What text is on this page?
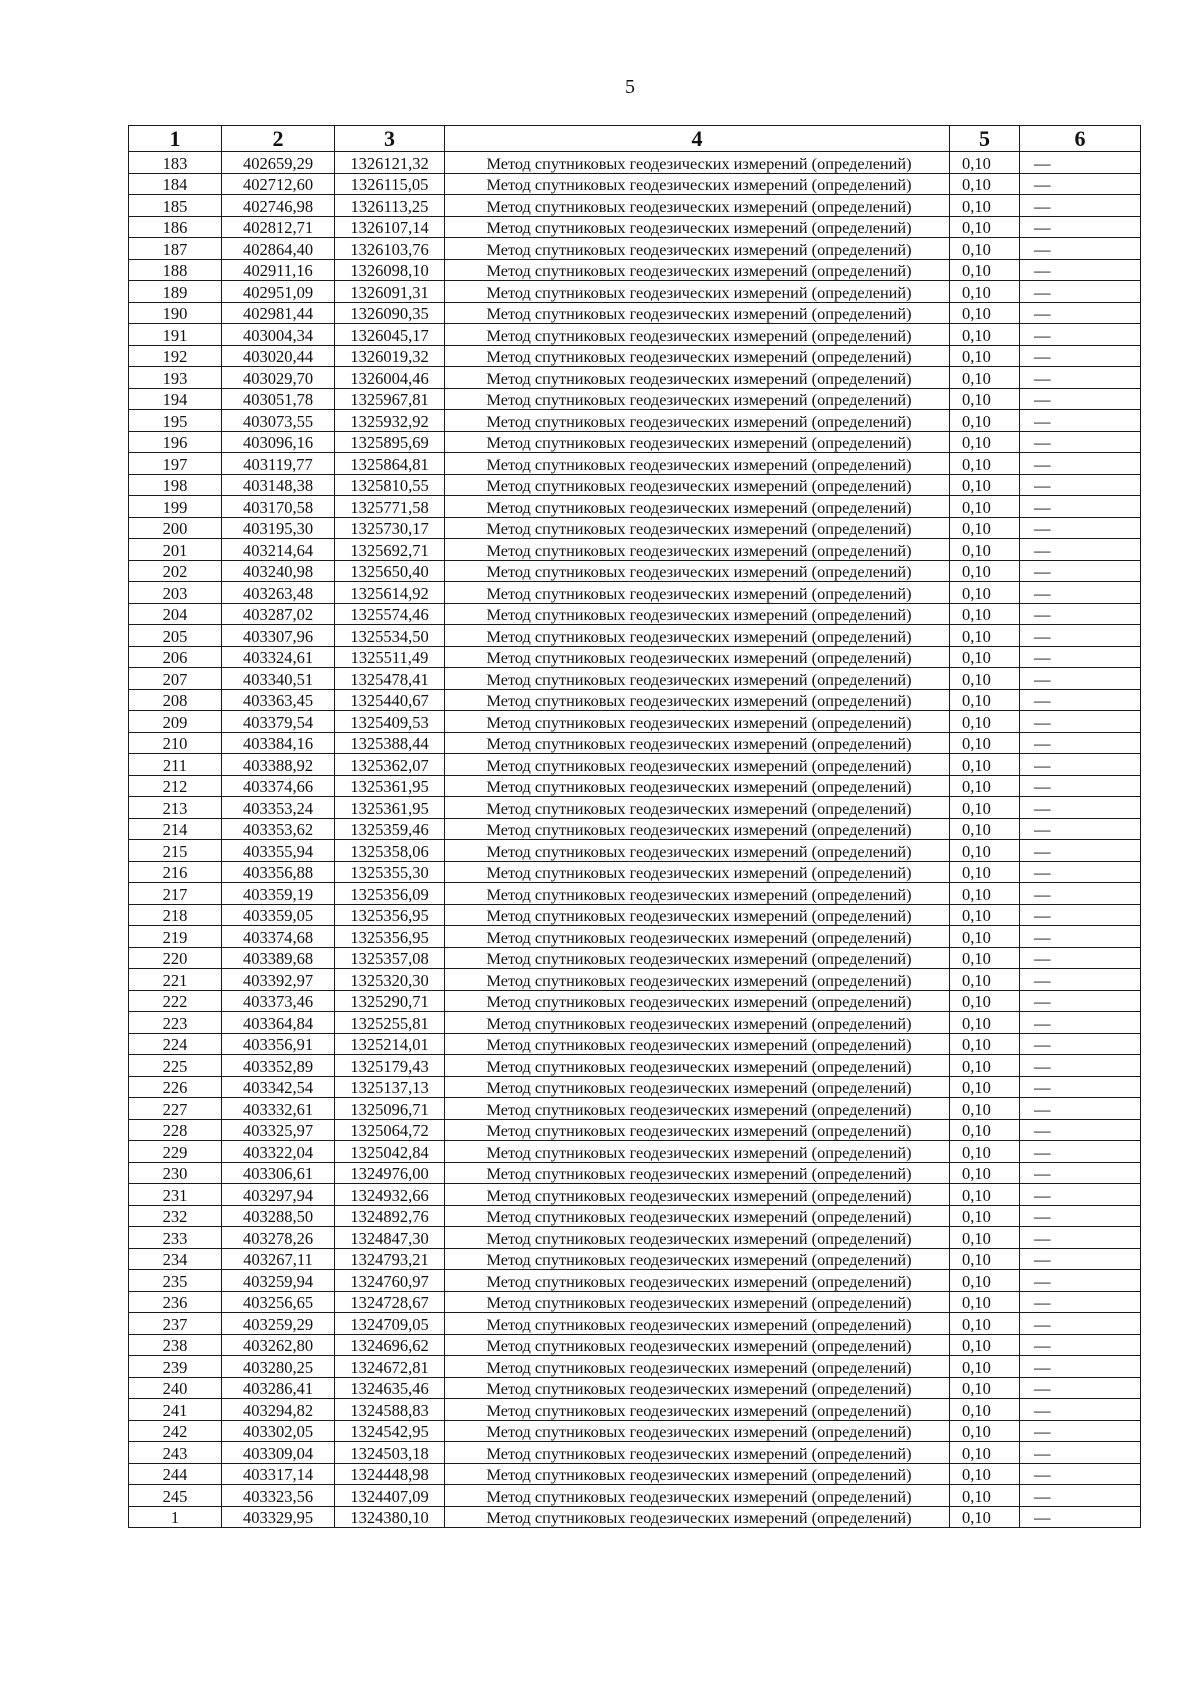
5
1	2	3	4	5	6
183	402659,29	1326121,32	Метод спутниковых геодезических измерений (определений)	0,10	—
184	402712,60	1326115,05	Метод спутниковых геодезических измерений (определений)	0,10	—
185	402746,98	1326113,25	Метод спутниковых геодезических измерений (определений)	0,10	—
186	402812,71	1326107,14	Метод спутниковых геодезических измерений (определений)	0,10	—
187	402864,40	1326103,76	Метод спутниковых геодезических измерений (определений)	0,10	—
188	402911,16	1326098,10	Метод спутниковых геодезических измерений (определений)	0,10	—
189	402951,09	1326091,31	Метод спутниковых геодезических измерений (определений)	0,10	—
190	402981,44	1326090,35	Метод спутниковых геодезических измерений (определений)	0,10	—
191	403004,34	1326045,17	Метод спутниковых геодезических измерений (определений)	0,10	—
192	403020,44	1326019,32	Метод спутниковых геодезических измерений (определений)	0,10	—
193	403029,70	1326004,46	Метод спутниковых геодезических измерений (определений)	0,10	—
194	403051,78	1325967,81	Метод спутниковых геодезических измерений (определений)	0,10	—
195	403073,55	1325932,92	Метод спутниковых геодезических измерений (определений)	0,10	—
196	403096,16	1325895,69	Метод спутниковых геодезических измерений (определений)	0,10	—
197	403119,77	1325864,81	Метод спутниковых геодезических измерений (определений)	0,10	—
198	403148,38	1325810,55	Метод спутниковых геодезических измерений (определений)	0,10	—
199	403170,58	1325771,58	Метод спутниковых геодезических измерений (определений)	0,10	—
200	403195,30	1325730,17	Метод спутниковых геодезических измерений (определений)	0,10	—
201	403214,64	1325692,71	Метод спутниковых геодезических измерений (определений)	0,10	—
202	403240,98	1325650,40	Метод спутниковых геодезических измерений (определений)	0,10	—
203	403263,48	1325614,92	Метод спутниковых геодезических измерений (определений)	0,10	—
204	403287,02	1325574,46	Метод спутниковых геодезических измерений (определений)	0,10	—
205	403307,96	1325534,50	Метод спутниковых геодезических измерений (определений)	0,10	—
206	403324,61	1325511,49	Метод спутниковых геодезических измерений (определений)	0,10	—
207	403340,51	1325478,41	Метод спутниковых геодезических измерений (определений)	0,10	—
208	403363,45	1325440,67	Метод спутниковых геодезических измерений (определений)	0,10	—
209	403379,54	1325409,53	Метод спутниковых геодезических измерений (определений)	0,10	—
210	403384,16	1325388,44	Метод спутниковых геодезических измерений (определений)	0,10	—
211	403388,92	1325362,07	Метод спутниковых геодезических измерений (определений)	0,10	—
212	403374,66	1325361,95	Метод спутниковых геодезических измерений (определений)	0,10	—
213	403353,24	1325361,95	Метод спутниковых геодезических измерений (определений)	0,10	—
214	403353,62	1325359,46	Метод спутниковых геодезических измерений (определений)	0,10	—
215	403355,94	1325358,06	Метод спутниковых геодезических измерений (определений)	0,10	—
216	403356,88	1325355,30	Метод спутниковых геодезических измерений (определений)	0,10	—
217	403359,19	1325356,09	Метод спутниковых геодезических измерений (определений)	0,10	—
218	403359,05	1325356,95	Метод спутниковых геодезических измерений (определений)	0,10	—
219	403374,68	1325356,95	Метод спутниковых геодезических измерений (определений)	0,10	—
220	403389,68	1325357,08	Метод спутниковых геодезических измерений (определений)	0,10	—
221	403392,97	1325320,30	Метод спутниковых геодезических измерений (определений)	0,10	—
222	403373,46	1325290,71	Метод спутниковых геодезических измерений (определений)	0,10	—
223	403364,84	1325255,81	Метод спутниковых геодезических измерений (определений)	0,10	—
224	403356,91	1325214,01	Метод спутниковых геодезических измерений (определений)	0,10	—
225	403352,89	1325179,43	Метод спутниковых геодезических измерений (определений)	0,10	—
226	403342,54	1325137,13	Метод спутниковых геодезических измерений (определений)	0,10	—
227	403332,61	1325096,71	Метод спутниковых геодезических измерений (определений)	0,10	—
228	403325,97	1325064,72	Метод спутниковых геодезических измерений (определений)	0,10	—
229	403322,04	1325042,84	Метод спутниковых геодезических измерений (определений)	0,10	—
230	403306,61	1324976,00	Метод спутниковых геодезических измерений (определений)	0,10	—
231	403297,94	1324932,66	Метод спутниковых геодезических измерений (определений)	0,10	—
232	403288,50	1324892,76	Метод спутниковых геодезических измерений (определений)	0,10	—
233	403278,26	1324847,30	Метод спутниковых геодезических измерений (определений)	0,10	—
234	403267,11	1324793,21	Метод спутниковых геодезических измерений (определений)	0,10	—
235	403259,94	1324760,97	Метод спутниковых геодезических измерений (определений)	0,10	—
236	403256,65	1324728,67	Метод спутниковых геодезических измерений (определений)	0,10	—
237	403259,29	1324709,05	Метод спутниковых геодезических измерений (определений)	0,10	—
238	403262,80	1324696,62	Метод спутниковых геодезических измерений (определений)	0,10	—
239	403280,25	1324672,81	Метод спутниковых геодезических измерений (определений)	0,10	—
240	403286,41	1324635,46	Метод спутниковых геодезических измерений (определений)	0,10	—
241	403294,82	1324588,83	Метод спутниковых геодезических измерений (определений)	0,10	—
242	403302,05	1324542,95	Метод спутниковых геодезических измерений (определений)	0,10	—
243	403309,04	1324503,18	Метод спутниковых геодезических измерений (определений)	0,10	—
244	403317,14	1324448,98	Метод спутниковых геодезических измерений (определений)	0,10	—
245	403323,56	1324407,09	Метод спутниковых геодезических измерений (определений)	0,10	—
1	403329,95	1324380,10	Метод спутниковых геодезических измерений (определений)	0,10	—
